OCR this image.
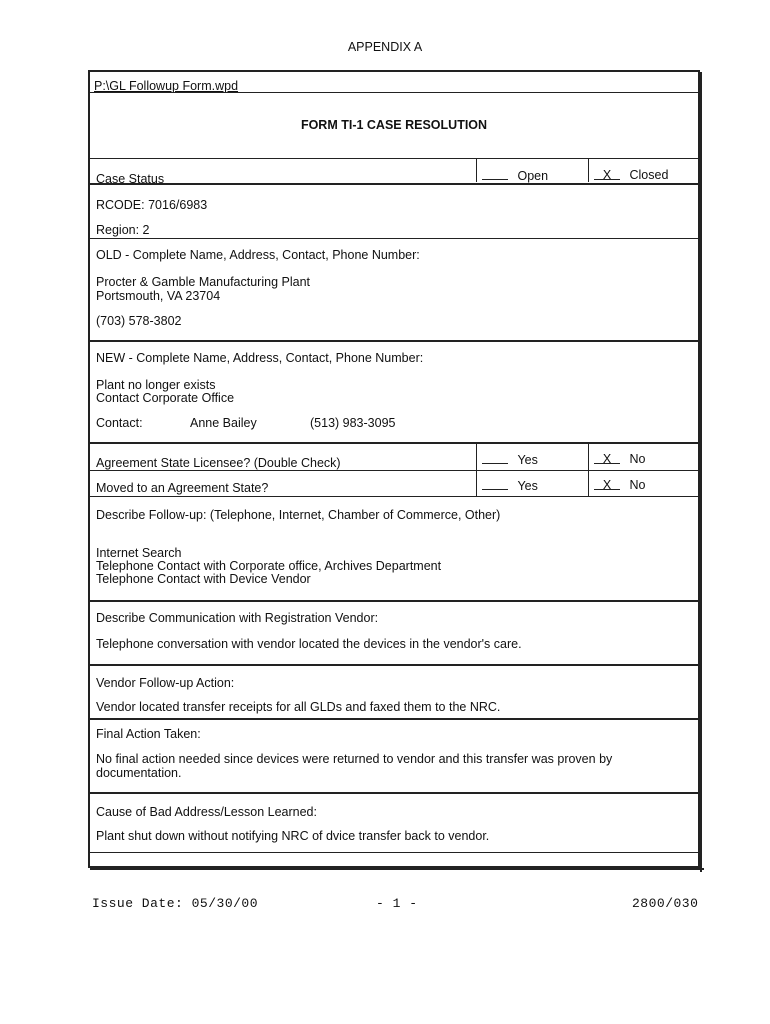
APPENDIX A
P:\GL Followup Form.wpd
FORM TI-1 CASE RESOLUTION
Case Status	Open	X Closed
RCODE: 7016/6983
Region: 2
OLD - Complete Name, Address, Contact, Phone Number:
Procter & Gamble Manufacturing Plant
Portsmouth, VA 23704
(703) 578-3802
NEW - Complete Name, Address, Contact, Phone Number:
Plant no longer exists
Contact Corporate Office
Contact:	Anne Bailey	(513) 983-3095
Agreement State Licensee? (Double Check)	Yes	X No
Moved to an Agreement State?	Yes	X No
Describe Follow-up: (Telephone, Internet, Chamber of Commerce, Other)
Internet Search
Telephone Contact with Corporate office, Archives Department
Telephone Contact with Device Vendor
Describe Communication with Registration Vendor:
Telephone conversation with vendor located the devices in the vendor's care.
Vendor Follow-up Action:
Vendor located transfer receipts for all GLDs and faxed them to the NRC.
Final Action Taken:
No final action needed since devices were returned to vendor and this transfer was proven by
documentation.
Cause of Bad Address/Lesson Learned:
Plant shut down without notifying NRC of dvice transfer back to vendor.
Issue Date: 05/30/00	- 1 -	2800/030
